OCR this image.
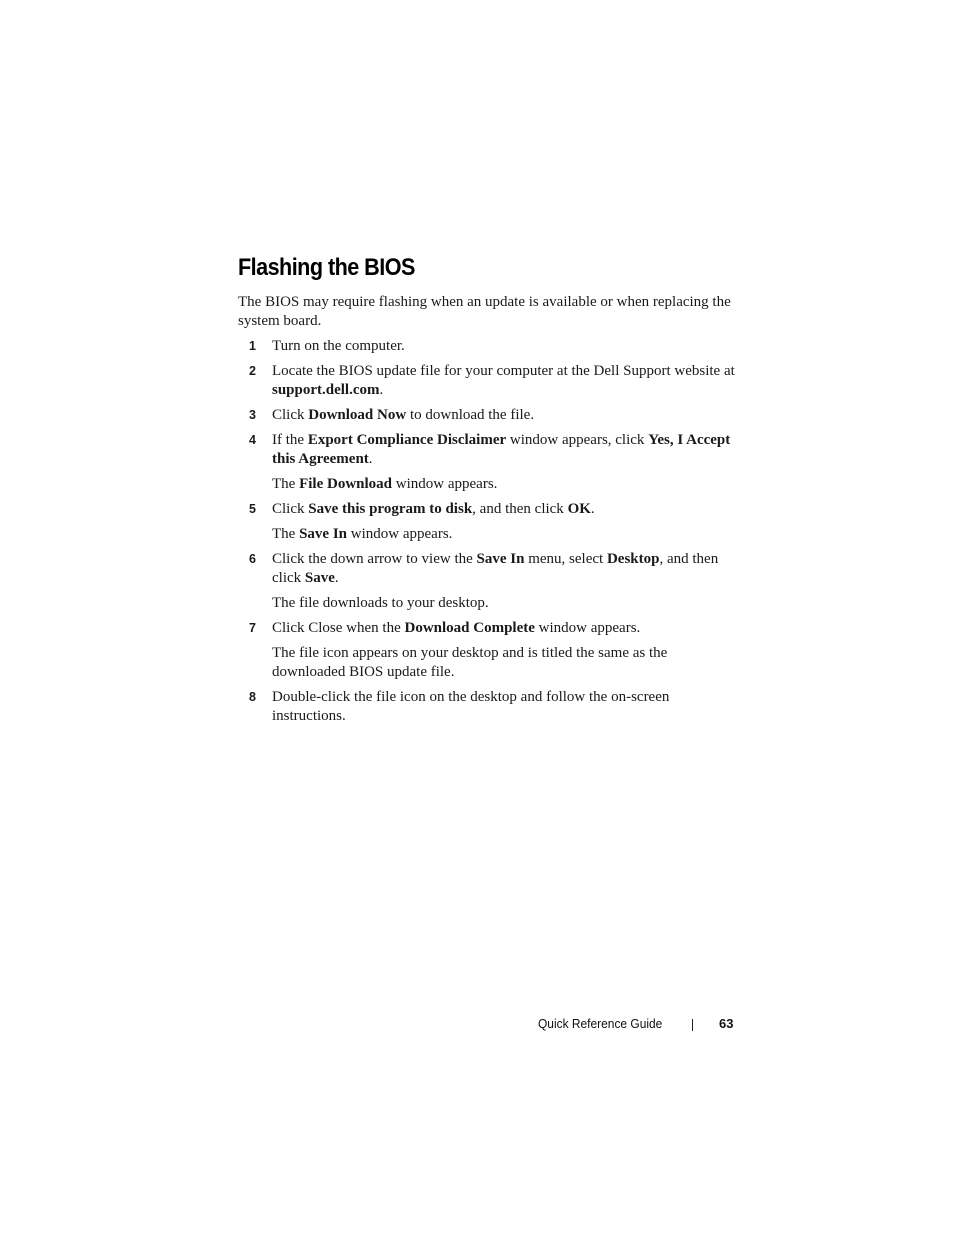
Flashing the BIOS

The BIOS may require flashing when an update is available or when replacing the system board.

1 Turn on the computer.
2 Locate the BIOS update file for your computer at the Dell Support website at support.dell.com.
3 Click Download Now to download the file.
4 If the Export Compliance Disclaimer window appears, click Yes, I Accept this Agreement.
The File Download window appears.
5 Click Save this program to disk, and then click OK.
The Save In window appears.
6 Click the down arrow to view the Save In menu, select Desktop, and then click Save.
The file downloads to your desktop.
7 Click Close when the Download Complete window appears.
The file icon appears on your desktop and is titled the same as the downloaded BIOS update file.
8 Double-click the file icon on the desktop and follow the on-screen instructions.
Quick Reference Guide	63
